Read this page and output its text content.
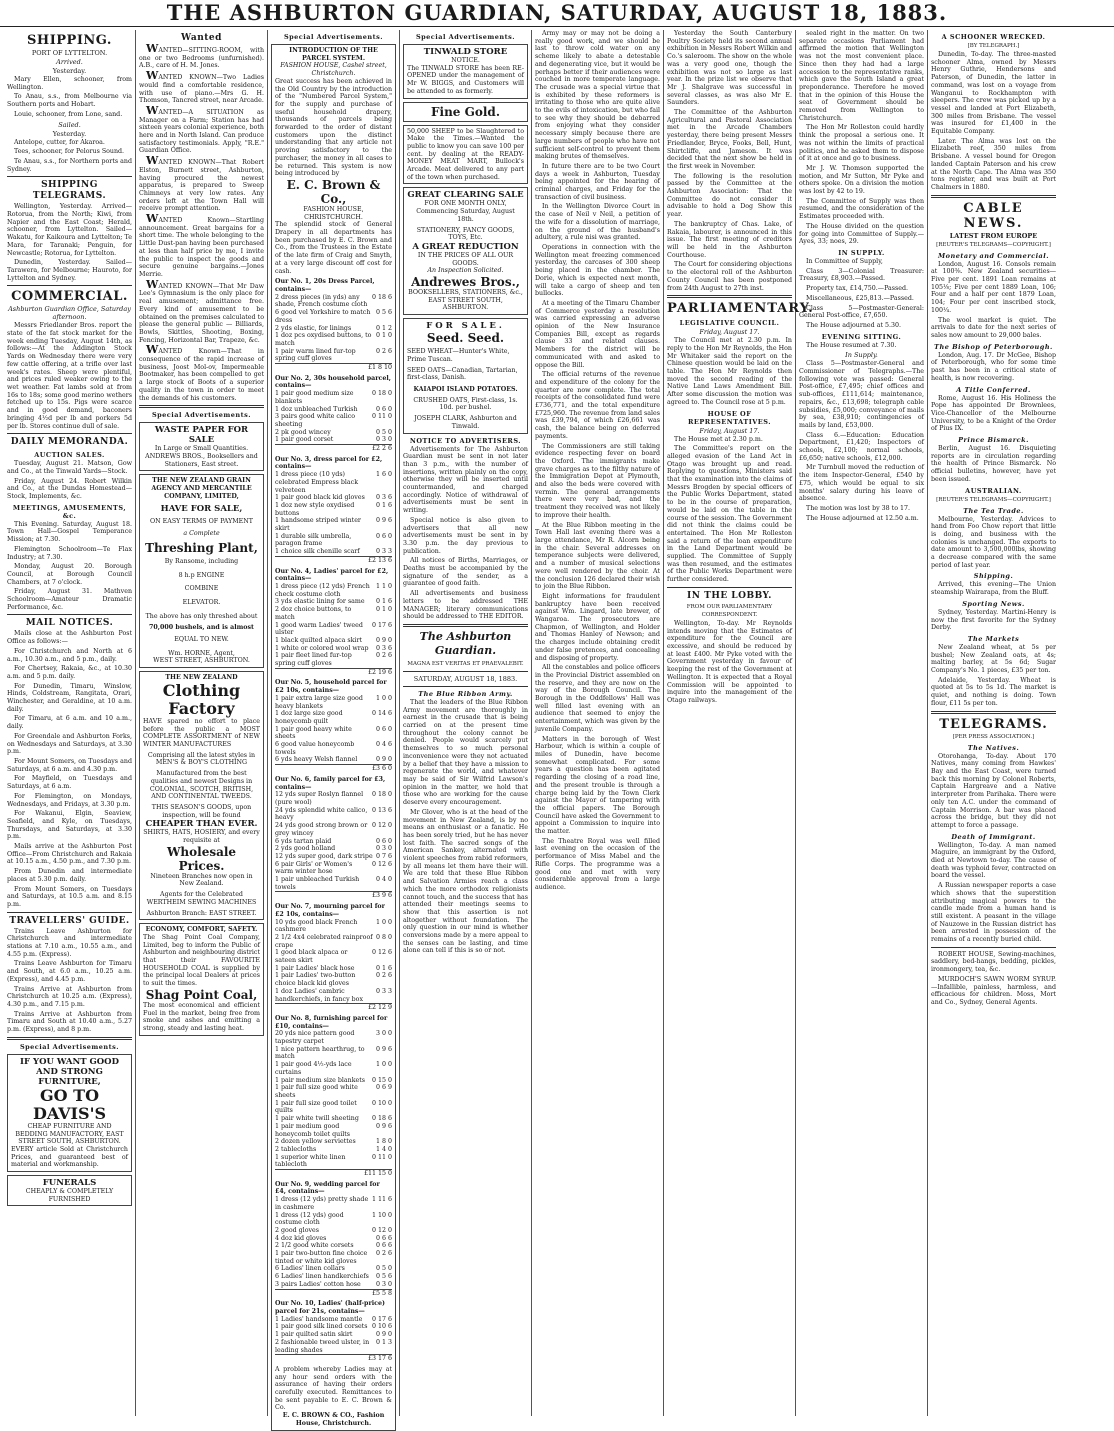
THE ASHBURTON GUARDIAN, SATURDAY, AUGUST 18, 1883.
SHIPPING.
PORT OF LYTTELTON.
Arrived.
Yesterday.
Mary Ellen, schooner, from Wellington.
To Anau, s.s., from Melbourne via Southern ports and Hobart.
Louie, schooner, from Lone, sand.
Sailed.
Yesterday.
Antelope, cutter, for Akaroa.
Tees, schooner, for Pelorus Sound.
Te Anau, s.s., for Northern ports and Sydney.
SHIPPING TELEGRAMS.
Wellington, Yesterday. Arrived—Rotorua, from the North; Kiwi, from Napier and the East Coast; Herald, schooner, from Lyttelton. Sailed—Wakatu, for Kaikoura and Lyttelton; Te Mara, for Taranaki; Penguin, for Newcastle; Rotorua, for Lyttelton.
Dunedin, Yesterday. Sailed—Tarawera, for Melbourne; Hauroto, for Lyttelton and Sydney.
COMMERCIAL.
Ashburton Guardian Office, Saturday afternoon.
Messrs Friedlander Bros. report the state of the fat stock market for the week ending Tuesday, August 14th, as follows:—At the Addington Stock Yards on Wednesday there were very few cattle offering, at a trifle over last week's rates. Sheep were plentiful, and prices ruled weaker owing to the wet weather. Fat lambs sold at from 16s to 18s; some good merino wethers fetched up to 15s. Pigs were scarce and in good demand, baconers bringing 4½d per lb and porkers 5d per lb. Stores continue dull of sale.
DAILY MEMORANDA.
AUCTION SALES.
Tuesday, August 21. Matson, Gow and Co., at the Tinwald Yards—Stock.
Friday, August 24. Robert Wilkin and Co., at the Dundas Homestead—Stock, Implements, &c.
MEETINGS, AMUSEMENTS, &c.
This Evening. Saturday, August 18. Town Hall—Gospel Temperance Mission; at 7.30.
Flemington Schoolroom—Te Flax Industry; at 7.30.
Monday, August 20. Borough Council, at Borough Council Chambers, at 7 o'clock.
Friday, August 31. Mathven Schoolroom—Amateur Dramatic Performance, &c.
MAIL NOTICES.
Mails close at the Ashburton Post Office as follows:—
For Christchurch and North at 6 a.m., 10.30 a.m., and 5 p.m., daily.
For Chertsey, Rakaia, &c., at 10.30 a.m. and 5 p.m. daily.
For Dunedin, Timaru, Winslow, Hinds, Coldstream, Rangitata, Orari, Winchester, and Geraldine, at 10 a.m. daily.
For Timaru, at 6 a.m. and 10 a.m., daily.
For Greendale and Ashburton Forks, on Wednesdays and Saturdays, at 3.30 p.m.
For Mount Somers, on Tuesdays and Saturdays, at 6 a.m. and 4.30 p.m.
For Mayfield, on Tuesdays and Saturdays, at 6 a.m.
For Flemington, on Mondays, Wednesdays, and Fridays, at 3.30 p.m.
For Wakanui, Elgin, Seaview, Seafield, and Kyle, on Tuesdays, Thursdays, and Saturdays, at 3.30 p.m.
Mails arrive at the Ashburton Post Office—From Christchurch and Rakaia at 10.15 a.m., 4.50 p.m., and 7.30 p.m.
From Dunedin and intermediate places at 5.30 p.m. daily.
From Mount Somers, on Tuesdays and Saturdays, at 10.5 a.m. and 8.15 p.m.
TRAVELLERS' GUIDE.
Trains Leave Ashburton for Christchurch and intermediate stations at 7.10 a.m., 10.55 a.m., and 4.55 p.m. (Express).
Trains Leave Ashburton for Timaru and South, at 6.0 a.m., 10.25 a.m. (Express), and 4.45 p.m.
Trains Arrive at Ashburton from Christchurch at 10.25 a.m. (Express), 4.30 p.m., and 7.15 p.m.
Trains Arrive at Ashburton from Timaru and South at 10.40 a.m., 5.27 p.m. (Express), and 8 p.m.
Special Advertisements.
IF YOU WANT GOOD AND STRONG FURNITURE,
GO TO
DAVIS'S
CHEAP FURNITURE AND BEDDING MANUFACTORY, EAST STREET SOUTH, ASHBURTON.
EVERY article Sold at Christchurch Prices, and guaranteed best of material and workmanship.
FUNERALS
CHEAPLY & COMPLETELY FURNISHED
Wanted
WANTED—SITTING-ROOM, with one or two Bedrooms (unfurnished). A.B., care of H. M. Jones.
WANTED KNOWN—Two Ladies would find a comfortable residence, with use of piano.—Mrs G. H. Thomson, Tancred street, near Arcade.
WANTED—A SITUATION as Manager on a Farm; Station has had sixteen years colonial experience, both here and in North Island. Can produce satisfactory testimonials. Apply, "R.E." Guardian Office.
WANTED KNOWN—That Robert Elston, Burnett street, Ashburton, having procured the newest apparatus, is prepared to Sweep Chimneys at very low rates. Any orders left at the Town Hall will receive prompt attention.
WANTED Known—Startling announcement. Great bargains for a short time. The whole belonging to the Little Dust-pan having been purchased at less than half price by me, I invite the public to inspect the goods and secure genuine bargains.—Jones Merrie.
WANTED KNOWN—That Mr Daw Lee's Gymnasium is the only place for real amusement; admittance free. Every kind of amusement to be obtained on the premises calculated to please the general public — Billiards, Bowls, Skittles, Shooting, Boxing, Fencing, Horizontal Bar, Trapeze, &c.
WANTED Known—That in consequence of the rapid increase of business, Joost Mol-ov, Impermeable Bootmaker, has been compelled to get a large stock of Boots of a superior quality in the town in order to meet the demands of his customers.
Special Advertisements.
WASTE PAPER FOR SALE
In Large or Small Quantities.
ANDREWS BROS., Booksellers and Stationers, East street.
THE NEW ZEALAND GRAIN AGENCY AND MERCANTILE COMPANY, LIMITED,
HAVE FOR SALE,
ON EASY TERMS OF PAYMENT
a Complete
Threshing Plant,
By Ransome, including
8 h.p ENGINE
COMBINE
ELEVATOR.
The above has only threshed about
70,000 bushels, and is almost
EQUAL TO NEW.
Wm. HORNE, Agent,
WEST STREET, ASHBURTON.
THE NEW ZEALAND
Clothing Factory
HAVE spared no effort to place before the public a MOST COMPLETE ASSORTMENT of NEW WINTER MANUFACTURES
Comprising all the latest styles in MEN'S & BOY'S CLOTHING
Manufactured from the best qualities and newest Designs in COLONIAL, SCOTCH, BRITISH, AND CONTINENTAL TWEEDS.
THIS SEASON'S GOODS, upon inspection, will be found
CHEAPER THAN EVER.
SHIRTS, HATS, HOSIERY, and every requisite at
Wholesale Prices.
Nineteen Branches now open in New Zealand.
Agents for the Celebrated WERTHEIM SEWING MACHINES
Ashburton Branch: EAST STREET.
ECONOMY, COMFORT, SAFETY.
The Shag Point Coal Company, Limited, beg to inform the Public of Ashburton and neighbouring district that their FAVOURITE HOUSEHOLD COAL is supplied by the principal local Dealers at prices to suit the times.
Shag Point Coal,
The most economical and efficient Fuel in the market, being free from smoke and ashes and emitting a strong, steady and lasting heat.
Special Advertisements.
INTRODUCTION OF THE PARCEL SYSTEM.
FASHION HOUSE, Cashel street, Christchurch.
Great success has been achieved in the Old Country by the introduction of the "Numbered Parcel System," for the supply and purchase of useful household drapery, thousands of parcels being forwarded to the order of distant customers upon the distinct understanding that any article not proving satisfactory to the purchaser, the money in all cases to be returned. This system is now being introduced by
E. C. Brown & Co.,
FASHION HOUSE, CHRISTCHURCH.
The splendid stock of General Drapery in all departments has been purchased by E. C. Brown and Co., from the Trustees in the Estate of the late firm of Craig and Smyth, at a very large discount off cost for cash.
Our No. 1, 20s Dress Parcel, contains—
2 dress pieces (in yds) any shade, French costume cloth
0 18 6
6 good vel Yorkshire to match dress
0 5 6
2 yds elastic, for linings	0 1 2
1 doz pcs oxydised buttons, to match
0 1 0
1 pair warm lined fur-top spring cuff gloves
0 2 6
£1 8 10
Our No. 2, 30s household parcel, contains—
1 pair good medium size blankets
0 18 0
1 doz unbleached Turkish	0 6 0
3 pairs good white calico sheeting
0 11 0
2 pk good wincey	0 5 0
1 pair good corset	0 3 0
£2 2 6
Our No. 3, dress parcel for £2, contains—
1 dress piece (10 yds) celebrated Empress black velveteen
1 6 0
1 pair good black kid gloves	0 3 6
1 doz new style oxydised buttons
0 1 6
1 handsome striped winter skirt
0 9 6
1 durable silk umbrella, paragon frame
0 6 0
1 choice silk chenille scarf	0 3 3
£2 13 6
Our No. 4, Ladies' parcel for £2, contains—
1 dress piece (12 yds) French check costume cloth
1 1 0
3 yds elastic lining for same	0 1 6
2 doz choice buttons, to match
0 1 0
1 good warm Ladies' tweed ulster
0 17 6
1 black quilted alpaca skirt	0 9 0
1 white or colored wool wrap	0 3 6
1 pair fleet lined fur-top spring cuff gloves
0 2 6
£2 19 6
Our No. 5, household parcel for £2 10s, contains—
1 pair extra large size good heavy blankets
1 0 0
1 doz large size good honeycomb quilt
0 14 6
1 pair good heavy white sheets
0 6 0
6 good value honeycomb towels
0 4 6
6 yds heavy Welsh flannel	0 9 0
£3 6 0
Our No. 6, family parcel for £3, contains—
12 yds super Roslyn flannel (pure wool)
0 18 0
24 yds splendid white calico, heavy
0 13 6
24 yds good strong brown or grey wincey
0 12 0
6 yds tartan plaid	0 6 0
2 yds good holland	0 3 0
12 yds super good, dark stripe 0 7 6
6 pair Girls' or Women's warm winter hose
0 12 6
1 pair unbleached Turkish towels
0 4 0
£3 9 6
Our No. 7, mourning parcel for £2 10s, contains—
10 yds good black French cashmere
1 0 0
2 1/2 4x4 celebrated rainproof crape
0 8 0
1 good black alpaca or sateen skirt
0 12 6
1 pair Ladies' black hose	0 1 6
1 pair Ladies' two-button choice black kid gloves
0 2 6
1 doz Ladies' cambric handkerchiefs, in fancy box
0 3 3
£2 12 9
Our No. 8, furnishing parcel for £10, contains—
20 yds nice pattern good tapestry carpet
3 0 0
1 nice pattern hearthrug, to match
0 9 6
1 pair good 4½-yds lace curtains
1 0 0
1 pair medium size blankets	0 15 0
1 pair full size good white sheets
0 6 9
1 pair full size good toilet quilts
0 10 0
1 pair white twill sheeting	0 18 6
1 pair medium good honeycomb toilet quilts
0 9 6
2 dozen yellow serviettes	1 8 0
2 tablecloths	1 4 0
1 superior white linen tablecloth
0 11 0
£11 15 0
Our No. 9, wedding parcel for £4, contains—
1 dress (12 yds) pretty shade in cashmere
1 11 6
1 dress (12 yds) good costume cloth
1 10 0
2 good gloves	0 12 0
4 doz kid gloves	0 6 6
2 1/2 good white corsets	0 6 6
1 pair two-button fine choice tinted or white kid gloves
0 2 6
6 Ladies' linen collars	0 5 0
6 Ladies' linen handkerchiefs	0 5 6
3 pairs Ladies' cotton hose	0 3 0
£5 5 8
Our No. 10, Ladies' (half-price) parcel for 21s, contains—
1 Ladies' handsome mantle	0 17 6
1 pair good silk lined corsets 0 10 6
1 pair quilted satin skirt	0 9 0
2 fashionable tweed ulster, in leading shades
0 1 3
£3 17 6
A problem whereby Ladies may at any hour send orders with the assurance of having their orders carefully executed. Remittances to be sent payable to E. C. Brown & Co.
E. C. BROWN & CO., Fashion House, Christchurch.
Special Advertisements.
TINWALD STORE
NOTICE.
The TINWALD STORE has been RE-OPENED under the management of Mr W. BIGGS, and Customers will be attended to as formerly.
Fine Gold.
50,000 SHEEP to be Slaughtered to Make the Times.—Wanted the public to know you can save 100 per cent. by dealing at the READY-MONEY MEAT MART, Bullock's Arcade. Meat delivered to any part of the town when purchased.
GREAT CLEARING SALE
FOR ONE MONTH ONLY,
Commencing Saturday, August 18th.
STATIONERY, FANCY GOODS, TOYS, Etc.
A GREAT REDUCTION
IN THE PRICES OF ALL OUR GOODS.
An Inspection Solicited.
Andrewes Bros.,
BOOKSELLERS, STATIONERS, &c., EAST STREET SOUTH, ASHBURTON.
FOR SALE.
Seed. Seed.
SEED WHEAT—Hunter's White, Prime Tuscan.
SEED OATS—Canadian, Tartarian, first-class, Danish.
KAIAPOI ISLAND POTATOES.
CRUSHED OATS, First-class, 1s. 10d. per bushel.
JOSEPH CLARK, Ashburton and Tinwald.
NOTICE TO ADVERTISERS.
Advertisements for The Ashburton Guardian must be sent in not later than 3 p.m., with the number of insertions, written plainly on the copy, otherwise they will be inserted until countermanded, and charged accordingly. Notice of withdrawal of advertisements must be sent in writing.
Special notice is also given to advertisers that all new advertisements must be sent in by 3.30 p.m. the day previous to publication.
All notices of Births, Marriages, or Deaths must be accompanied by the signature of the sender, as a guarantee of good faith.
All advertisements and business letters to be addressed THE MANAGER; literary communications should be addressed to THE EDITOR.
The Ashburton Guardian.
MAGNA EST VERITAS ET PRAEVALEBIT.
SATURDAY, AUGUST 18, 1883.
The Blue Ribbon Army.
That the leaders of the Blue Ribbon Army movement are thoroughly in earnest in the crusade that is being carried on at the present time throughout the colony cannot be denied. People would scarcely put themselves to so much personal inconvenience were they not actuated by a belief that they have a mission to regenerate the world, and whatever may be said of Sir Wilfrid Lawson's opinion in the matter, we hold that those who are working for the cause deserve every encouragement.
Mr Glover, who is at the head of the movement in New Zealand, is by no means an enthusiast or a fanatic. He has been sorely tried, but he has never lost faith. The sacred songs of the American Sankey, alternated with violent speeches from rabid reformers, by all means let them have their will. We are told that these Blue Ribbon and Salvation Armies reach a class which the more orthodox religionists cannot touch, and the success that has attended their meetings seems to show that this assertion is not altogether without foundation. The only question in our mind is whether conversions made by a mere appeal to the senses can be lasting, and time alone can tell if this is so or not.
Army may or may not be doing a really good work, and we should be last to throw cold water on any scheme likely to abate a detestable and degenerating vice, but it would be perhaps better if their audiences were couched in more temperate language. The crusade was a special virtue that is exhibited by these reformers is irritating to those who are quite alive to the evils of intoxication, but who fail to see why they should be debarred from enjoying what they consider necessary simply because there are large numbers of people who have not sufficient self-control to prevent them making brutes of themselves.
In future there are to be two Court days a week in Ashburton, Tuesday being appointed for the hearing of criminal charges, and Friday for the transaction of civil business.
In the Wellington Divorce Court in the case of Neil v Neil, a petition of the wife for a dissolution of marriage, on the ground of the husband's adultery, a rule nisi was granted.
Operations in connection with the Wellington meat freezing commenced yesterday, the carcases of 300 sheep being placed in the chamber. The Dorie, which is expected next month, will take a cargo of sheep and ten bullocks.
At a meeting of the Timaru Chamber of Commerce yesterday a resolution was carried expressing an adverse opinion of the New Insurance Companies Bill, except as regards clause 33 and related clauses. Members for the district will be communicated with and asked to oppose the Bill.
The official returns of the revenue and expenditure of the colony for the quarter are now complete. The total receipts of the consolidated fund were £736,771, and the total expenditure £725,960. The revenue from land sales was £39,794, of which £26,661 was cash, the balance being on deferred payments.
The Commissioners are still taking evidence respecting fever on board the Oxford. The immigrants make grave charges as to the filthy nature of the Immigration Depot at Plymouth, and also the beds were covered with vermin. The general arrangements there were very bad, and the treatment they received was not likely to improve their health.
At the Blue Ribbon meeting in the Town Hall last evening there was a large attendance, Mr R. Alcorn being in the chair. Several addresses on temperance subjects were delivered, and a number of musical selections were well rendered by the choir. At the conclusion 126 declared their wish to join the Blue Ribbon.
Eight informations for fraudulent bankruptcy have been received against Wm. Lingard, late brewer, of Wangaroa. The prosecutors are Chapmon, of Wellington, and Holder and Thomas Hanley of Newson; and the charges include obtaining credit under false pretences, and concealing and disposing of property.
All the constables and police officers in the Provincial District assembled on the reserve, and they are now on the way of the Borough Council. The Borough in the Oddfellows' Hall was well filled last evening with an audience that seemed to enjoy the entertainment, which was given by the juvenile Company.
Matters in the borough of West Harbour, which is within a couple of miles of Dunedin, have become somewhat complicated. For some years a question has been agitated regarding the closing of a road line, and the present trouble is through a charge being laid by the Town Clerk against the Mayor of tampering with the official papers. The Borough Council have asked the Government to appoint a Commission to inquire into the matter.
The Theatre Royal was well filled last evening on the occasion of the performance of Miss Mabel and the Rifle Corps. The programme was a good one and met with very considerable approval from a large audience.
Yesterday the South Canterbury Poultry Society held its second annual exhibition in Messrs Robert Wilkin and Co.'s saleroom. The show on the whole was a very good one, though the exhibition was not so large as last year. In the prize list we observe that Mr J. Shalgrave was successful in several classes, as was also Mr E. Saunders.
The Committee of the Ashburton Agricultural and Pastoral Association met in the Arcade Chambers yesterday, there being present Messrs Friedlander, Bryce, Fooks, Bell, Hunt, Shirtcliffe, and Jameson. It was decided that the next show be held in the first week in November.
The following is the resolution passed by the Committee at the Ashburton Association: That the Committee do not consider it advisable to hold a Dog Show this year.
The bankruptcy of Chas. Lake, of Rakaia, labourer, is announced in this issue. The first meeting of creditors will be held in the Ashburton Courthouse.
The Court for considering objections to the electoral roll of the Ashburton County Council has been postponed from 24th August to 27th inst.
PARLIAMENTARY.
LEGISLATIVE COUNCIL.
Friday, August 17.
The Council met at 2.30 p.m. In reply to the Hon Mr Reynolds, the Hon Mr Whitaker said the report on the Chinese question would be laid on the table. The Hon Mr Reynolds then moved the second reading of the Native Land Laws Amendment Bill. After some discussion the motion was agreed to. The Council rose at 5 p.m.
HOUSE OF REPRESENTATIVES.
Friday, August 17.
The House met at 2.30 p.m.
The Committee's report on the alleged evasion of the Land Act in Otago was brought up and read. Replying to questions, Ministers said that the examination into the claims of Messrs Brogden by special officers of the Public Works Department, stated to be in the course of preparation, would be laid on the table in the course of the session. The Government did not think the claims could be entertained. The Hon Mr Rolleston said a return of the loan expenditure in the Land Department would be supplied. The Committee of Supply was then resumed, and the estimates of the Public Works Department were further considered.
IN THE LOBBY.
FROM OUR PARLIAMENTARY CORRESPONDENT.
Wellington, To-day. Mr Reynolds intends moving that the Estimates of expenditure for the Council are excessive, and should be reduced by at least £400. Mr Pyke voted with the Government yesterday in favour of keeping the rest of the Government at Wellington. It is expected that a Royal Commission will be appointed to inquire into the management of the Otago railways.
sealed right in the matter. On two separate occasions Parliament had affirmed the motion that Wellington was not the most convenient place. Since then they had had a large accession to the representative ranks, which gave the South Island a great preponderance. Therefore he moved that in the opinion of this House the seat of Government should be removed from Wellington to Christchurch.
The Hon Mr Rolleston could hardly think the proposal a serious one. It was not within the limits of practical politics, and he asked them to dispose of it at once and go to business.
Mr J. W. Thomson supported the motion, and Mr Sutton, Mr Pyke and others spoke. On a division the motion was lost by 42 to 19.
The Committee of Supply was then resumed, and the consideration of the Estimates proceeded with.
The House divided on the question for going into Committee of Supply.—Ayes, 33; noes, 29.
IN SUPPLY.
In Committee of Supply,
Class 3—Colonial Treasurer: Treasury, £8,903.—Passed.
Property tax, £14,750.—Passed.
Miscellaneous, £25,813.—Passed.
Class 5—Postmaster-General: General Post-office, £7,650.
The House adjourned at 5.30.
EVENING SITTING.
The House resumed at 7.30.
In Supply.
Class 5—Postmaster-General and Commissioner of Telegraphs.—The following vote was passed: General Post-office, £7,495; chief offices and sub-offices, £111,614; maintenance, repairs, &c., £13,698; telegraph cable subsidies, £5,000; conveyance of mails by sea, £38,910; contingencies of mails by land, £53,000.
Class 6.—Education: Education Department, £1,420; Inspectors of schools, £2,100; normal schools, £6,650; native schools, £12,000.
Mr Turnbull moved the reduction of the item Inspector-General, £540 by £75, which would be equal to six months' salary during his leave of absence.
The motion was lost by 38 to 17.
The House adjourned at 12.50 a.m.
A SCHOONER WRECKED.
[BY TELEGRAPH.]
Dunedin, To-day. The three-masted schooner Alma, owned by Messrs Henry Guthrie, Hendersons and Paterson, of Dunedin, the latter in command, was lost on a voyage from Wanganui to Rockhampton with sleepers. The crew was picked up by a vessel and landed at Port Elizabeth, 300 miles from Brisbane. The vessel was insured for £1,400 in the Equitable Company.
Later. The Alma was lost on the Elizabeth reef, 350 miles from Brisbane. A vessel bound for Oregon landed Captain Paterson and his crew at the North Cape. The Alma was 350 tons register, and was built at Port Chalmers in 1880.
CABLE NEWS.
LATEST FROM EUROPE
[REUTER'S TELEGRAMS—COPYRIGHT.]
Monetary and Commercial.
London, August 16. Consols remain at 100⅜. New Zealand securities—Five per cent. 1891 Loan remains at 105⅛; Five per cent 1889 Loan, 106; Four and a half per cent 1879 Loan, 104; Four per cent inscribed stock, 100¼.
The wool market is quiet. The arrivals to date for the next series of sales now amount to 29,000 bales.
The Bishop of Peterborough.
London, Aug. 17. Dr McGee, Bishop of Peterborough, who for some time past has been in a critical state of health, is now recovering.
A Title Conferred.
Rome, August 16. His Holiness the Pope has appointed Dr Brownlees, Vice-Chancellor of the Melbourne University, to be a Knight of the Order of Pius IX.
Prince Bismarck.
Berlin, August 16. Disquieting reports are in circulation regarding the health of Prince Bismarck. No official bulletins, however, have yet been issued.
AUSTRALIAN.
[REUTER'S TELEGRAMS—COPYRIGHT.]
The Tea Trade.
Melbourne, Yesterday. Advices to hand from Foo Chow report that little is doing, and business with the colonies is unchanged. The exports to date amount to 3,500,000lbs, showing a decrease compared with the same period of last year.
Shipping.
Arrived, this evening—The Union steamship Wairarapa, from the Bluff.
Sporting News.
Sydney, Yesterday. Martini-Henry is now the first favorite for the Sydney Derby.
The Markets
New Zealand wheat, at 5s per bushel; New Zealand oats, at 4s; malting barley, at 5s 6d; Sugar Company's No. 1 pieces, £35 per ton.
Adelaide, Yesterday. Wheat is quoted at 5s to 5s 1d. The market is quiet, and nothing is doing. Town flour, £11 5s per ton.
TELEGRAMS.
[PER PRESS ASSOCIATION.]
The Natives.
Otorohanga, To-day. About 170 Natives, many coming from Hawkes' Bay and the East Coast, were turned back this morning by Colonel Roberts, Captain Hargreave and a Native interpreter from Parihaka. There were only ten A.C. under the command of Captain Morrison. A bar was placed across the bridge, but they did not attempt to force a passage.
Death of Immigrant.
Wellington, To-day. A man named Maguire, an immigrant by the Oxford, died at Newtown to-day. The cause of death was typhoid fever, contracted on board the vessel.
A Russian newspaper reports a case which shows that the superstition attributing magical powers to the candle made from a human hand is still existent. A peasant in the village of Nauzowe in the Russian district has been arrested in possession of the remains of a recently buried child.
ROBERT HOUSE, Sewing-machines, saddlery, bed-hangs, bedding, pickles, ironmongery, tea, &c.
MURDOCH'S SAWN WORM SYRUP.—Infallible, painless, harmless, and efficacious for children. Moss, Mort and Co., Sydney, General Agents.
